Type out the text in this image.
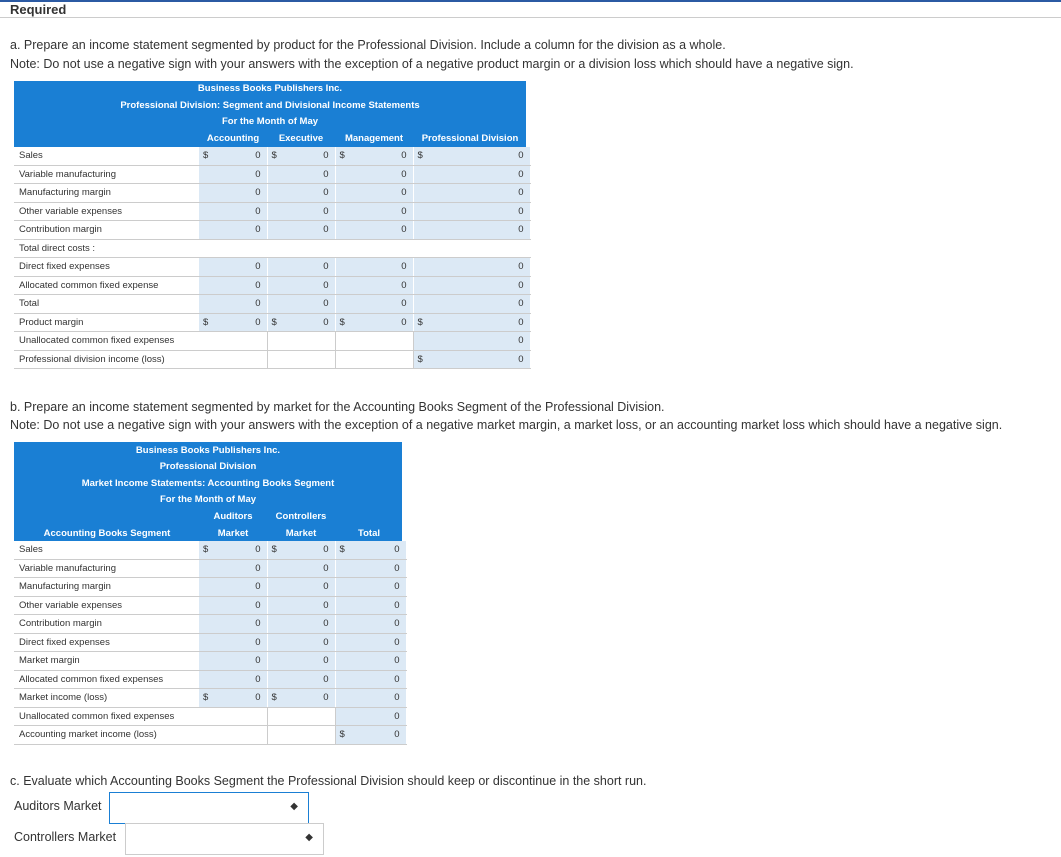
Required
a. Prepare an income statement segmented by product for the Professional Division. Include a column for the division as a whole.
Note: Do not use a negative sign with your answers with the exception of a negative product margin or a division loss which should have a negative sign.
Business Books Publishers Inc.
Professional Division: Segment and Divisional Income Statements
For the Month of May
Accounting	Executive	Management	Professional Division
Sales	$ 0	$ 0	$ 0	$ 0
Variable manufacturing	0	0	0	0
Manufacturing margin	0	0	0	0
Other variable expenses	0	0	0	0
Contribution margin	0	0	0	0
Total direct costs :				
Direct fixed expenses	0	0	0	0
Allocated common fixed expense	0	0	0	0
Total	0	0	0	0
Product margin	$ 0	$ 0	$ 0	$ 0
Unallocated common fixed expenses				0
Professional division income (loss)				$ 0
b. Prepare an income statement segmented by market for the Accounting Books Segment of the Professional Division.
Note: Do not use a negative sign with your answers with the exception of a negative market margin, a market loss, or an accounting market loss which should have a negative sign.
Business Books Publishers Inc.
Professional Division
Market Income Statements: Accounting Books Segment
For the Month of May
Auditors	Controllers
Accounting Books Segment	Market	Market	Total
Sales	$ 0	$ 0	$ 0
Variable manufacturing	0	0	0
Manufacturing margin	0	0	0
Other variable expenses	0	0	0
Contribution margin	0	0	0
Direct fixed expenses	0	0	0
Market margin	0	0	0
Allocated common fixed expenses	0	0	0
Market income (loss)	$ 0	$ 0	0
Unallocated common fixed expenses			0
Accounting market income (loss)			$ 0
c. Evaluate which Accounting Books Segment the Professional Division should keep or discontinue in the short run.
Auditors Market	◆
Controllers Market	◆
